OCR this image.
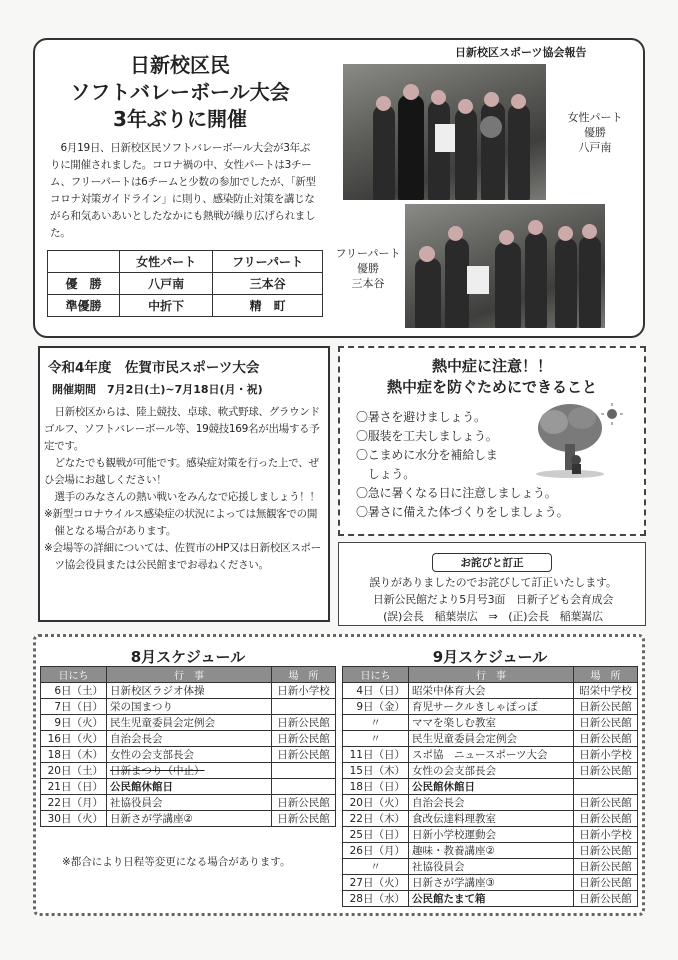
日新校区スポーツ協会報告
日新校区民
ソフトバレーボール大会
3年ぶりに開催
6月19日、日新校区民ソフトバレーボール大会が3年ぶりに開催されました。コロナ禍の中、女性パートは3チーム、フリーパートは6チームと少数の参加でしたが、「新型コロナ対策ガイドライン」に則り、感染防止対策を講じながら和気あいあいとしたなかにも熱戦が繰り広げられました。
	女性パート	フリーパート
優　勝	八戸南	三本谷
準優勝	中折下	精　町
女性パート
優勝
八戸南
フリーパート
優勝
三本谷
令和4年度　佐賀市民スポーツ大会
開催期間　7月2日(土)~7月18日(月・祝)
日新校区からは、陸上競技、卓球、軟式野球、グラウンドゴルフ、ソフトバレーボール等、19競技169名が出場する予定です。
どなたでも観戦が可能です。感染症対策を行った上で、ぜひ会場にお越しください！
選手のみなさんの熱い戦いをみんなで応援しましょう！！
※新型コロナウイルス感染症の状況によっては無観客での開催となる場合があります。
※会場等の詳細については、佐賀市のHP又は日新校区スポーツ協会役員または公民館までお尋ねください。
熱中症に注意！！
熱中症を防ぐためにできること
〇暑さを避けましょう。
〇服装を工夫しましょう。
〇こまめに水分を補給しま
　しょう。
〇急に暑くなる日に注意しましょう。
〇暑さに備えた体づくりをしましょう。
お詫びと訂正
誤りがありましたのでお詫びして訂正いたします。
日新公民館だより5月号3面　日新子ども会育成会
(誤)会長　稲葉崇広　⇒　(正)会長　稲葉嵩広
8月スケジュール
日にち	行　事	場　所
6日（土）	日新校区ラジオ体操	日新小学校
7日（日）	栄の国まつり	
9日（火）	民生児童委員会定例会	日新公民館
16日（火）	自治会長会	日新公民館
18日（木）	女性の会支部長会	日新公民館
20日（土）	日新まつり（中止）	
21日（日）	公民館休館日	
22日（月）	社協役員会	日新公民館
30日（火）	日新さが学講座②	日新公民館
※都合により日程等変更になる場合があります。
9月スケジュール
日にち	行　事	場　所
4日（日）	昭栄中体育大会	昭栄中学校
9日（金）	育児サークルきしゃぽっぽ	日新公民館
〃	ママを楽しむ教室	日新公民館
〃	民生児童委員会定例会	日新公民館
11日（日）	スポ協　ニュースポーツ大会	日新小学校
15日（木）	女性の会支部長会	日新公民館
18日（日）	公民館休館日	
20日（火）	自治会長会	日新公民館
22日（木）	食改伝達料理教室	日新公民館
25日（日）	日新小学校運動会	日新小学校
26日（月）	趣味・教養講座②	日新公民館
〃	社協役員会	日新公民館
27日（火）	日新さが学講座③	日新公民館
28日（水）	公民館たまて箱	日新公民館
